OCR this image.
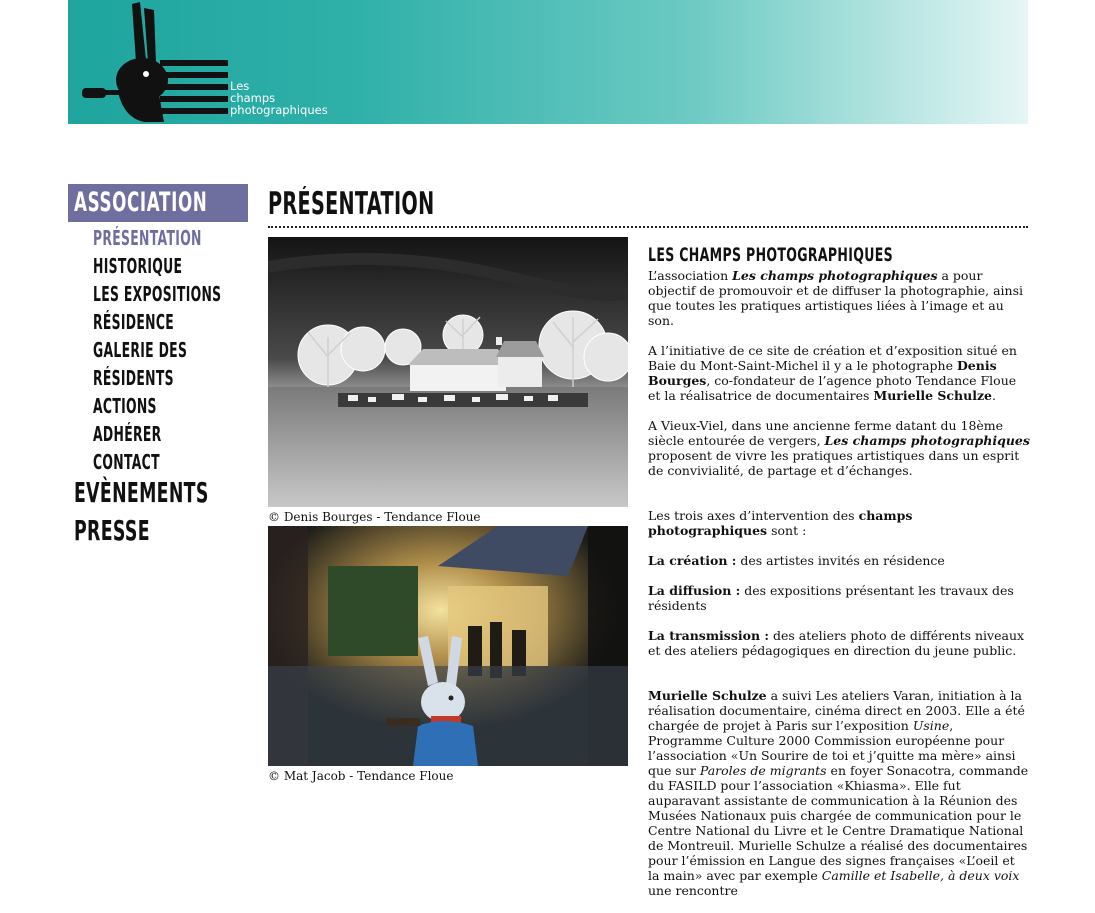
Les
champs
photographiques
ASSOCIATION
PRÉSENTATION
HISTORIQUE
LES EXPOSITIONS
RÉSIDENCE
GALERIE DES
RÉSIDENTS
ACTIONS
ADHÉRER
CONTACT
EVÈNEMENTS
PRESSE
PRÉSENTATION
© Denis Bourges - Tendance Floue
© Mat Jacob - Tendance Floue
LES CHAMPS PHOTOGRAPHIQUES

L’association Les champs photographiques a pour objectif de promouvoir et de diffuser la photographie, ainsi que toutes les pratiques artistiques liées à l’image et au son.

A l’initiative de ce site de création et d’exposition situé en Baie du Mont-Saint-Michel il y a le photographe Denis Bourges, co-fondateur de l’agence photo Tendance Floue et la réalisatrice de documentaires Murielle Schulze.

A Vieux-Viel, dans une ancienne ferme datant du 18ème siècle entourée de vergers, Les champs photographiques proposent de vivre les pratiques artistiques dans un esprit de convivialité, de partage et d’échanges.

Les trois axes d’intervention des champs photographiques sont :

La création : des artistes invités en résidence

La diffusion : des expositions présentant les travaux des résidents

La transmission : des ateliers photo de différents niveaux et des ateliers pédagogiques en direction du jeune public.

Murielle Schulze a suivi Les ateliers Varan, initiation à la réalisation documentaire, cinéma direct en 2003. Elle a été chargée de projet à Paris sur l’exposition Usine, Programme Culture 2000 Commission européenne pour l’association «Un Sourire de toi et j’quitte ma mère» ainsi que sur Paroles de migrants en foyer Sonacotra, commande du FASILD pour l’association «Khiasma». Elle fut auparavant assistante de communication à la Réunion des Musées Nationaux puis chargée de communication pour le Centre National du Livre et le Centre Dramatique National de Montreuil. Murielle Schulze a réalisé des documentaires pour l’émission en Langue des signes françaises «L’oeil et la main» avec par exemple Camille et Isabelle, à deux voix une rencontre
